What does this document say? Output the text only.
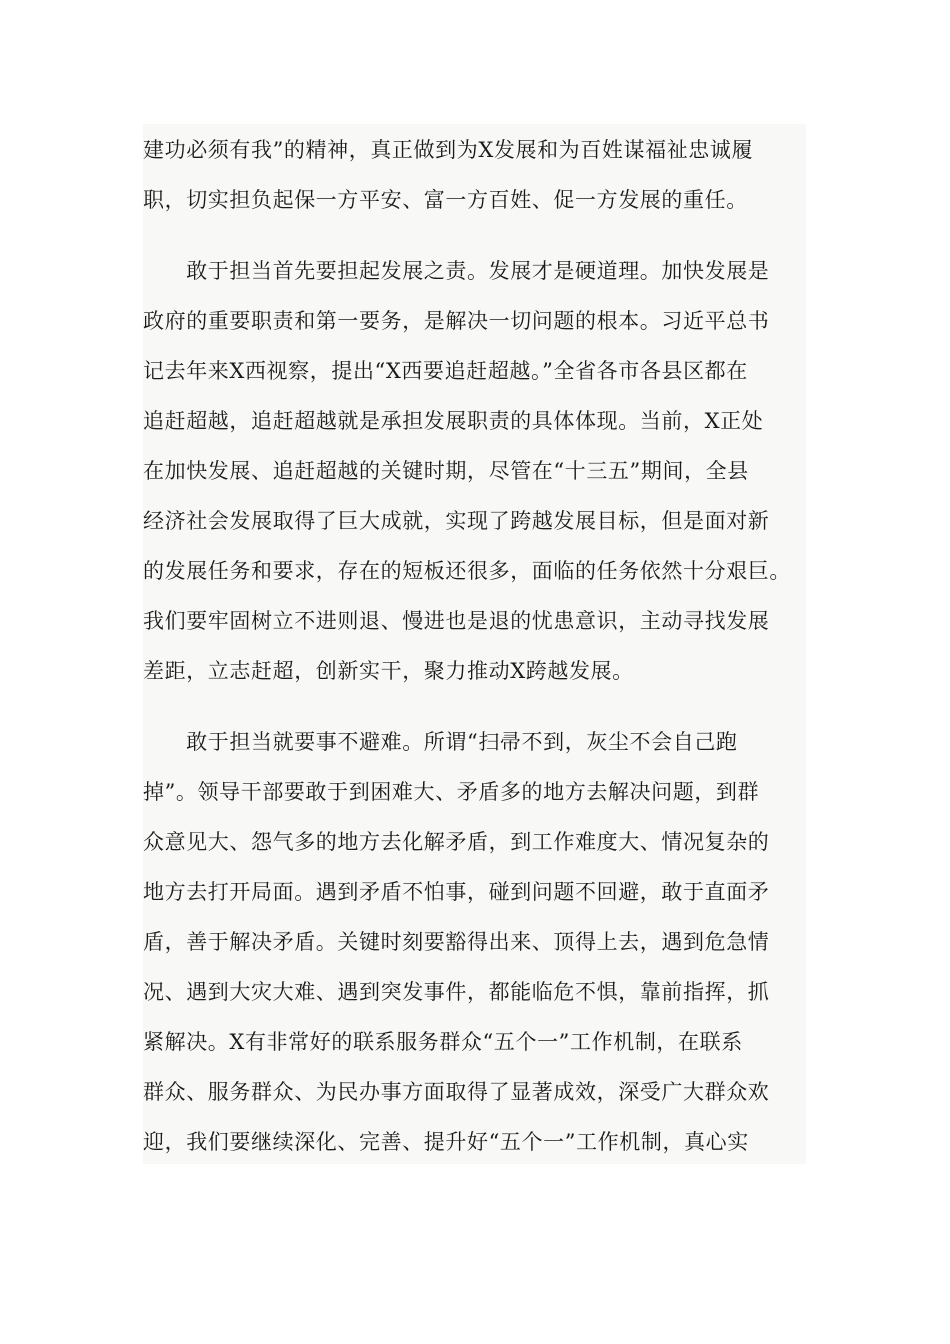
建功必须有我”的精神，真正做到为X发展和为百姓谋福祉忠诚履
职，切实担负起保一方平安、富一方百姓、促一方发展的重任。
　　敢于担当首先要担起发展之责。发展才是硬道理。加快发展是
政府的重要职责和第一要务，是解决一切问题的根本。习近平总书
记去年来X西视察，提出“X西要追赶超越。”全省各市各县区都在
追赶超越，追赶超越就是承担发展职责的具体体现。当前，X正处
在加快发展、追赶超越的关键时期，尽管在“十三五”期间，全县
经济社会发展取得了巨大成就，实现了跨越发展目标，但是面对新
的发展任务和要求，存在的短板还很多，面临的任务依然十分艰巨。
我们要牢固树立不进则退、慢进也是退的忧患意识，主动寻找发展
差距，立志赶超，创新实干，聚力推动X跨越发展。
　　敢于担当就要事不避难。所谓“扫帚不到，灰尘不会自己跑
掉”。领导干部要敢于到困难大、矛盾多的地方去解决问题，到群
众意见大、怨气多的地方去化解矛盾，到工作难度大、情况复杂的
地方去打开局面。遇到矛盾不怕事，碰到问题不回避，敢于直面矛
盾，善于解决矛盾。关键时刻要豁得出来、顶得上去，遇到危急情
况、遇到大灾大难、遇到突发事件，都能临危不惧，靠前指挥，抓
紧解决。X有非常好的联系服务群众“五个一”工作机制，在联系
群众、服务群众、为民办事方面取得了显著成效，深受广大群众欢
迎，我们要继续深化、完善、提升好“五个一”工作机制，真心实
